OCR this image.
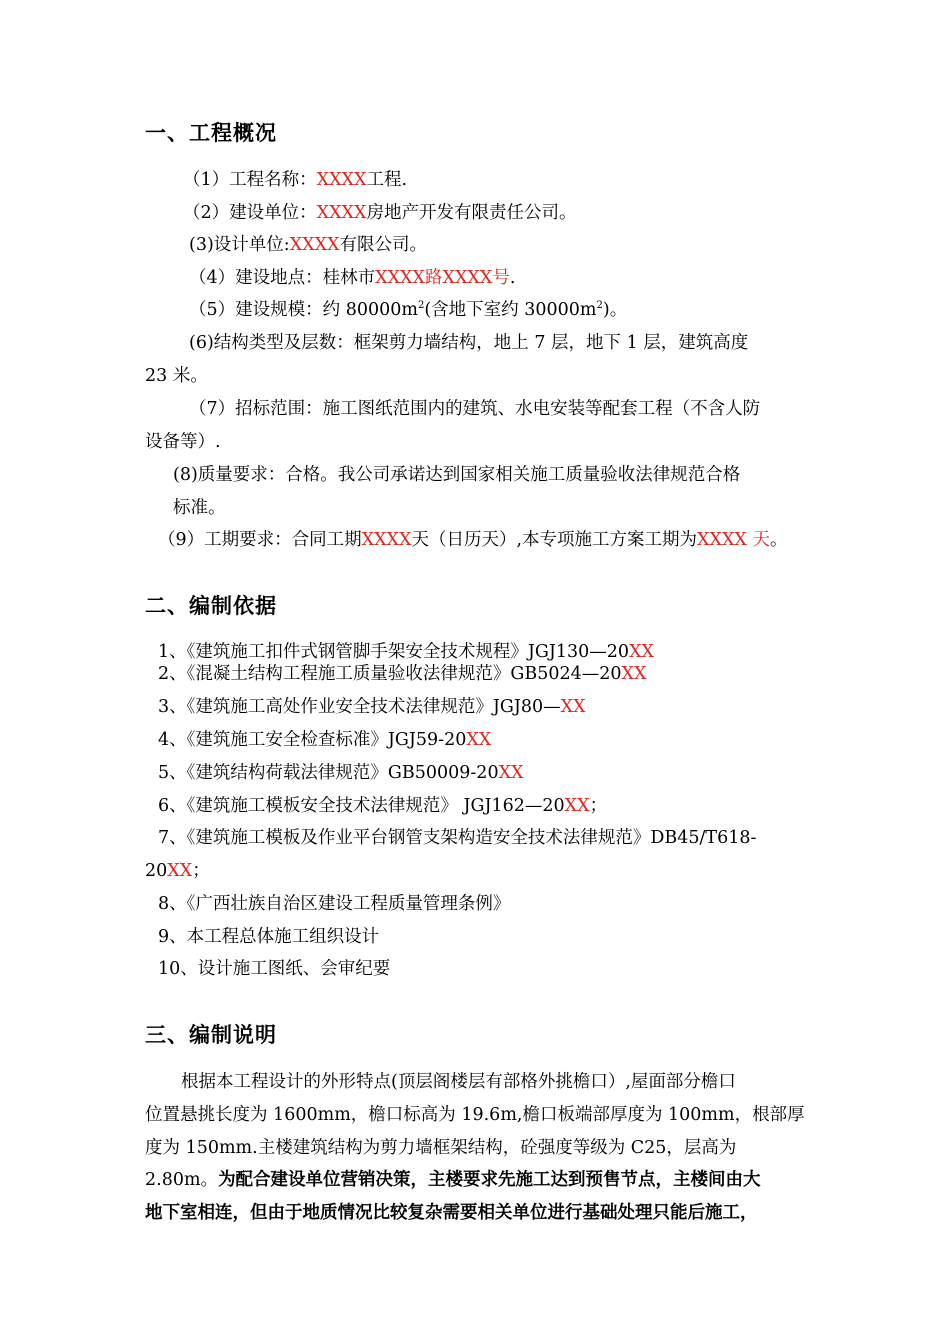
一、工程概况
（1）工程名称：XXXX工程.
（2）建设单位：XXXX房地产开发有限责任公司。
(3)设计单位:XXXX有限公司。
（4）建设地点：桂林市XXXX路XXXX号.
（5）建设规模：约 $80000m^2$(含地下室约 $30000m^2$)。
(6)结构类型及层数：框架剪力墙结构，地上 7 层，地下 1 层，建筑高度
23 米。
（7）招标范围：施工图纸范围内的建筑、水电安装等配套工程（不含人防
设备等）.
(8)质量要求：合格。我公司承诺达到国家相关施工质量验收法律规范合格
标准。
（9）工期要求：合同工期XXXX天（日历天）,本专项施工方案工期为XXXX 天。
二、编制依据
1、《建筑施工扣件式钢管脚手架安全技术规程》JGJ130—20XX
2、《混凝土结构工程施工质量验收法律规范》GB5024—20XX
3、《建筑施工高处作业安全技术法律规范》JGJ80—XX
4、《建筑施工安全检查标准》JGJ59-20XX
5、《建筑结构荷载法律规范》GB50009-20XX
6、《建筑施工模板安全技术法律规范》 JGJ162—20XX；
7、《建筑施工模板及作业平台钢管支架构造安全技术法律规范》DB45/T618-
20XX；
8、《广西壮族自治区建设工程质量管理条例》
9、本工程总体施工组织设计
10、设计施工图纸、会审纪要
三、编制说明
根据本工程设计的外形特点(顶层阁楼层有部格外挑檐口）,屋面部分檐口
位置悬挑长度为 1600mm，檐口标高为 19.6m,檐口板端部厚度为 100mm，根部厚
度为 150mm.主楼建筑结构为剪力墙框架结构，砼强度等级为 C25，层高为
2.80m。为配合建设单位营销决策，主楼要求先施工达到预售节点，主楼间由大
地下室相连，但由于地质情况比较复杂需要相关单位进行基础处理只能后施工，
